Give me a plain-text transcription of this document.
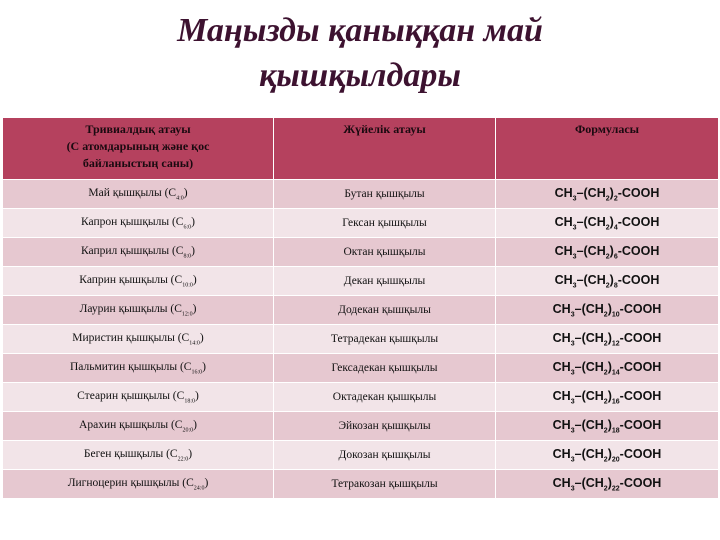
Маңызды қаныққан май
қышқылдары
Тривиалдық атауы
(С атомдарының және қос
байланыстың саны)	Жүйелік атауы	Формуласы
Май қышқылы $(С_{4:0})$	Бутан қышқылы	$CH_3-(CH_2)_2$-COOH
Капрон қышқылы $(С_{6:0})$	Гексан қышқылы	$CH_3-(CH_2)_4$-COOH
Каприл қышқылы $(С_{8:0})$	Октан қышқылы	$CH_3-(CH_2)_6$-COOH
Каприн қышқылы $(С_{10:0})$	Декан қышқылы	$CH_3-(CH_2)_8$-COOH
Лаурин қышқылы $(С_{12:0})$	Додекан қышқылы	$CH_3-(CH_2)_{10}$-COOH
Миристин қышқылы $(С_{14:0})$	Тетрадекан қышқылы	$CH_3-(CH_2)_{12}$-COOH
Пальмитин қышқылы $(С_{16:0})$	Гексадекан қышқылы	$CH_3-(CH_2)_{14}$-COOH
Стеарин қышқылы $(С_{18:0})$	Октадекан қышқылы	$CH_3-(CH_2)_{16}$-COOH
Арахин қышқылы $(С_{20:0})$	Эйкозан қышқылы	$CH_3-(CH_2)_{18}$-COOH
Беген қышқылы $(С_{22:0})$	Докозан қышқылы	$CH_3-(CH_2)_{20}$-COOH
Лигноцерин қышқылы $(С_{24:0})$	Тетракозан қышқылы	$CH_3-(CH_2)_{22}$-COOH
